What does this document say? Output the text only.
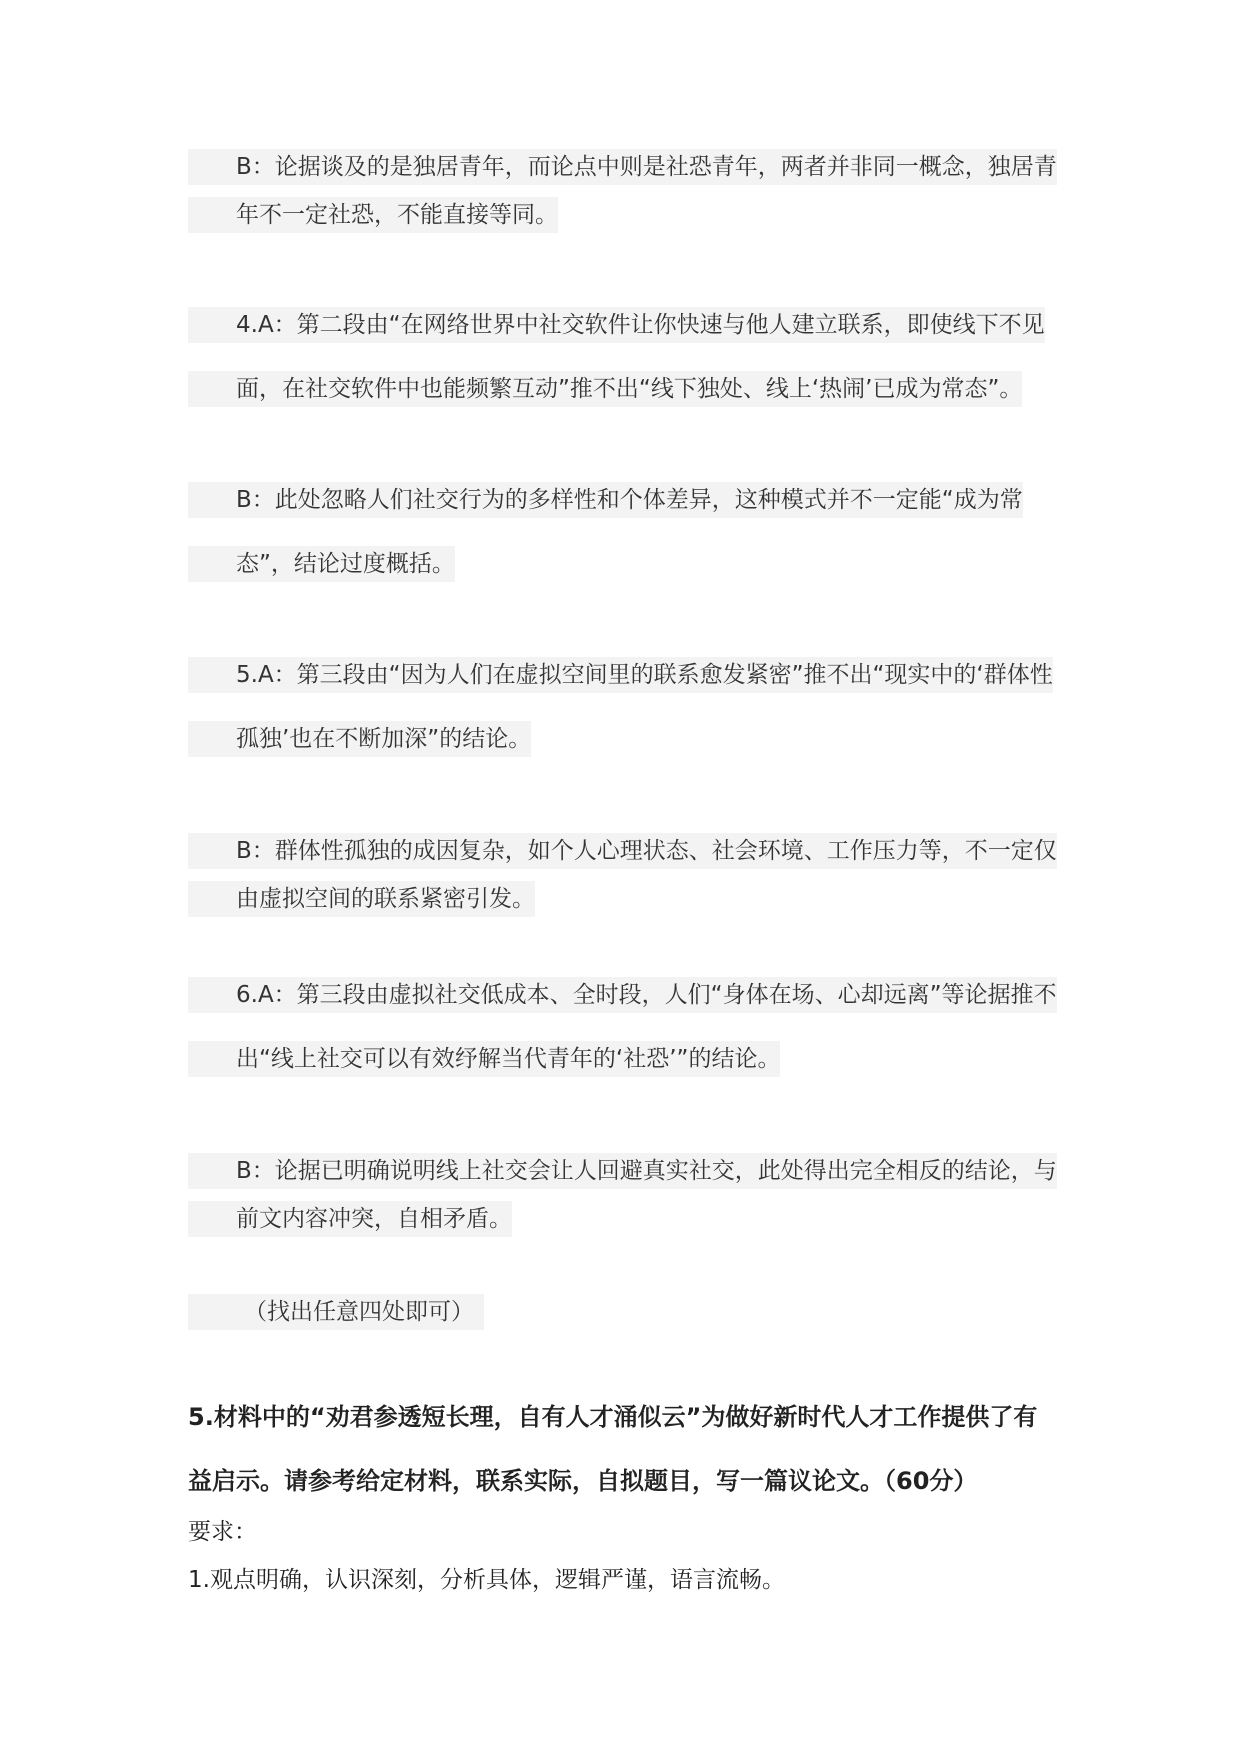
B：论据谈及的是独居青年，而论点中则是社恐青年，两者并非同一概念，独居青年不一定社恐，不能直接等同。
4.A：第二段由“在网络世界中社交软件让你快速与他人建立联系，即使线下不见面，在社交软件中也能频繁互动”推不出“线下独处、线上‘热闹’已成为常态”。
B：此处忽略人们社交行为的多样性和个体差异，这种模式并不一定能“成为常态”，结论过度概括。
5.A：第三段由“因为人们在虚拟空间里的联系愈发紧密”推不出“现实中的‘群体性孤独’也在不断加深”的结论。
B：群体性孤独的成因复杂，如个人心理状态、社会环境、工作压力等，不一定仅由虚拟空间的联系紧密引发。
6.A：第三段由虚拟社交低成本、全时段，人们“身体在场、心却远离”等论据推不出“线上社交可以有效纾解当代青年的‘社恐’”的结论。
B：论据已明确说明线上社交会让人回避真实社交，此处得出完全相反的结论，与前文内容冲突，自相矛盾。
（找出任意四处即可）
5.材料中的“劝君参透短长理，自有人才涌似云”为做好新时代人才工作提供了有益启示。请参考给定材料，联系实际，自拟题目，写一篇议论文。（60分）
要求：
1.观点明确，认识深刻，分析具体，逻辑严谨，语言流畅。
